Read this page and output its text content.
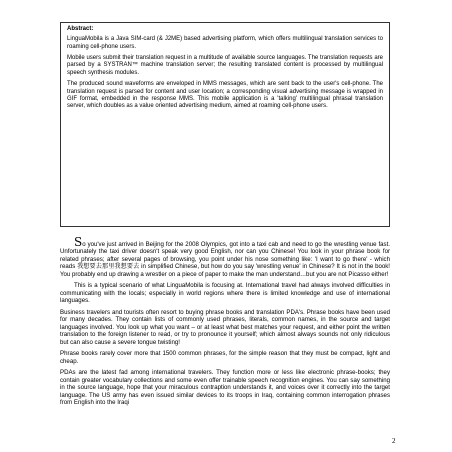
Abstract:

LinguaMobila is a Java SIM-card (& J2ME) based advertising platform, which offers multilingual translation services to roaming cell-phone users.

Mobile users submit their translation request in a multitude of available source languages. The translation requests are parsed by a SYSTRAN™ machine translation server; the resulting translated content is processed by multilingual speech synthesis modules.

The produced sound waveforms are enveloped in MMS messages, which are sent back to the user's cell-phone. The translation request is parsed for content and user location; a corresponding visual advertising message is wrapped in GIF format, embedded in the response MMS. This mobile application is a 'talking' multilingual phrasal translation server, which doubles as a value oriented advertising medium, aimed at roaming cell-phone users.

So you've just arrived in Beijing for the 2008 Olympics, got into a taxi cab and need to go the wrestling venue fast. Unfortunately the taxi driver doesn't speak very good English, nor can you Chinese! You look in your phrase book for related phrases; after several pages of browsing, you point under his nose something like: 'I want to go there' - which reads 我想要去那里我想要去 in simplified Chinese, but how do you say 'wrestling venue' in Chinese? It is not in the book! You probably end up drawing a wrestler on a piece of paper to make the man understand…but you are not Picasso either!

This is a typical scenario of what LinguaMobila is focusing at. International travel had always involved difficulties in communicating with the locals; especially in world regions where there is limited knowledge and use of international languages.

Business travelers and tourists often resort to buying phrase books and translation PDA's. Phrase books have been used for many decades. They contain lists of commonly used phrases, literals, common names, in the source and target languages involved. You look up what you want – or at least what best matches your request, and either point the written translation to the foreign listener to read, or try to pronounce it yourself; which almost always sounds not only ridiculous but can also cause a severe tongue twisting!

Phrase books rarely cover more that 1500 common phrases, for the simple reason that they must be compact, light and cheap.

PDAs are the latest fad among international travelers. They function more or less like electronic phrase-books; they contain greater vocabulary collections and some even offer trainable speech recognition engines. You can say something in the source language, hope that your miraculous contraption understands it, and voices over it correctly into the target language. The US army has even issued similar devices to its troops in Iraq, containing common interrogation phrases from English into the Iraqi

2
